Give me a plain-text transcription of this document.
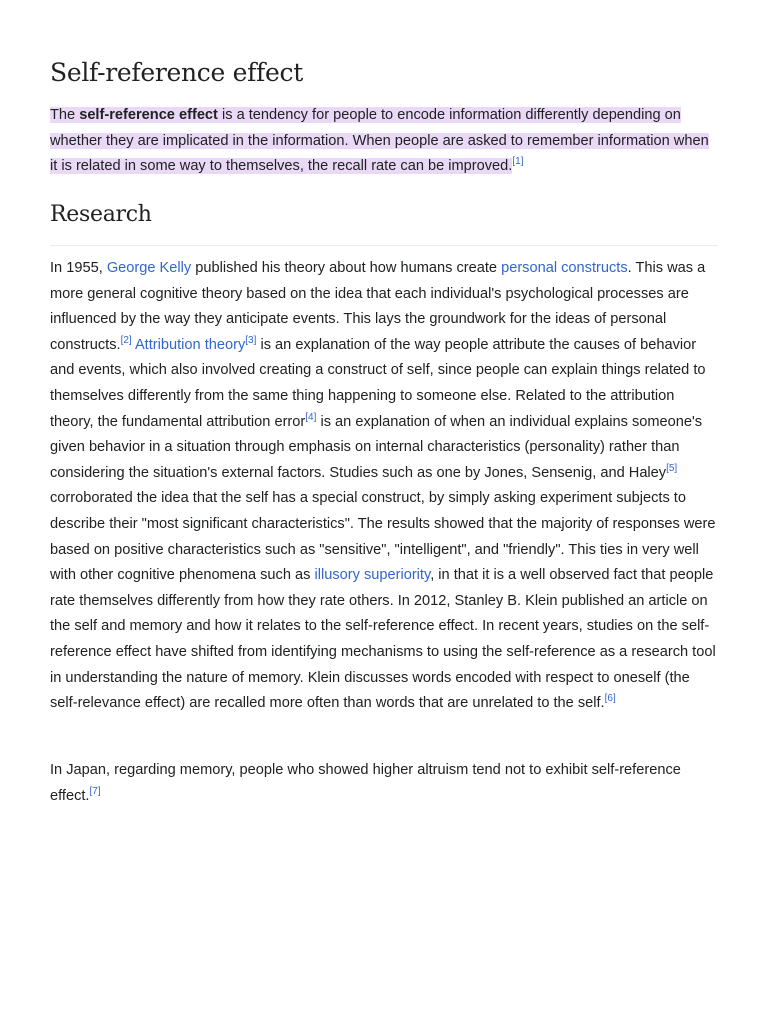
Self-reference effect

The self-reference effect is a tendency for people to encode information differently depending on whether they are implicated in the information. When people are asked to remember information when it is related in some way to themselves, the recall rate can be improved.[1]

Research

In 1955, George Kelly published his theory about how humans create personal constructs. This was a more general cognitive theory based on the idea that each individual's psychological processes are influenced by the way they anticipate events. This lays the groundwork for the ideas of personal constructs.[2] Attribution theory[3] is an explanation of the way people attribute the causes of behavior and events, which also involved creating a construct of self, since people can explain things related to themselves differently from the same thing happening to someone else. Related to the attribution theory, the fundamental attribution error[4] is an explanation of when an individual explains someone's given behavior in a situation through emphasis on internal characteristics (personality) rather than considering the situation's external factors. Studies such as one by Jones, Sensenig, and Haley[5] corroborated the idea that the self has a special construct, by simply asking experiment subjects to describe their "most significant characteristics". The results showed that the majority of responses were based on positive characteristics such as "sensitive", "intelligent", and "friendly". This ties in very well with other cognitive phenomena such as illusory superiority, in that it is a well observed fact that people rate themselves differently from how they rate others. In 2012, Stanley B. Klein published an article on the self and memory and how it relates to the self-reference effect. In recent years, studies on the self-reference effect have shifted from identifying mechanisms to using the self-reference as a research tool in understanding the nature of memory. Klein discusses words encoded with respect to oneself (the self-relevance effect) are recalled more often than words that are unrelated to the self.[6]

In Japan, regarding memory, people who showed higher altruism tend not to exhibit self-reference effect.[7]
